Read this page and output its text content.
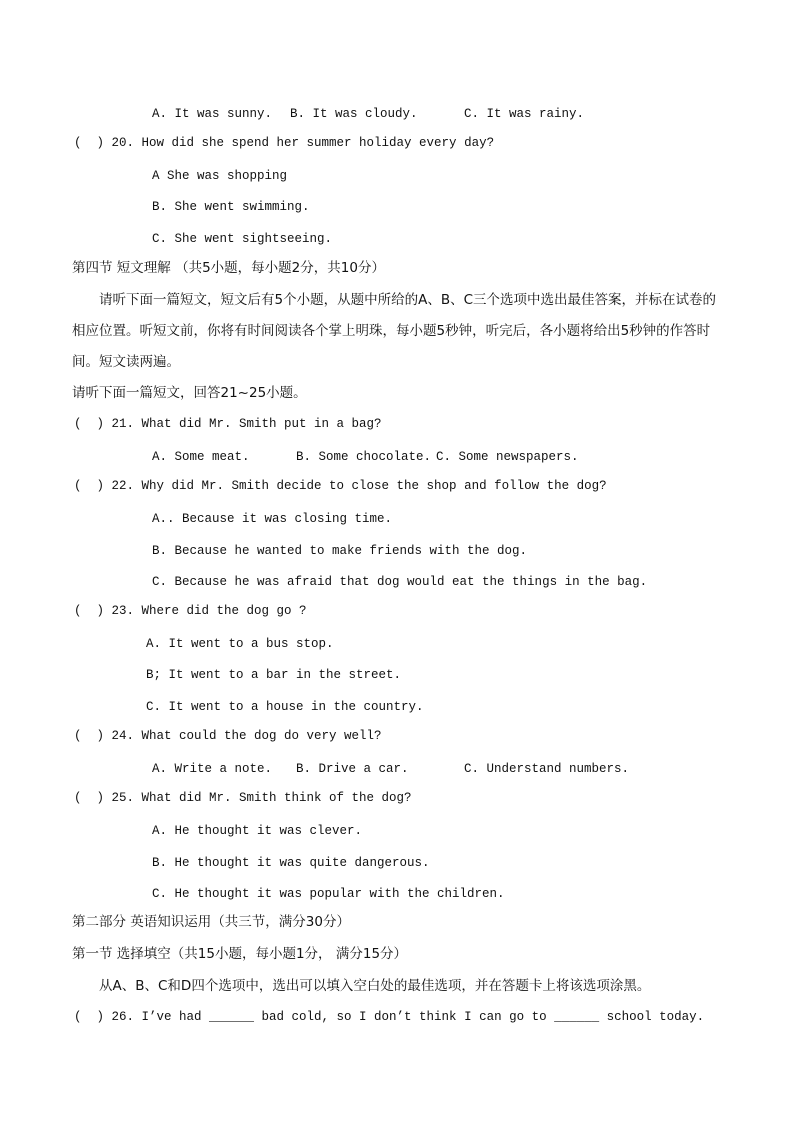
A. It was sunny. B. It was cloudy.	C. It was rainy.
(  ) 20. How did she spend her summer holiday every day?
A She was shopping
B. She went swimming.
C. She went sightseeing.
第四节 短文理解 （共5小题，每小题2分，共10分）
请听下面一篇短文，短文后有5个小题，从题中所给的A、B、C三个选项中选出最佳答案，并标在试卷的相应位置。听短文前，你将有时间阅读各个掌上明珠，每小题5秒钟，听完后，各小题将给出5秒钟的作答时间。短文读两遍。
请听下面一篇短文，回答21~25小题。
(  ) 21. What did Mr. Smith put in a bag?
A. Some meat.	B. Some chocolate. C. Some newspapers.
(  ) 22. Why did Mr. Smith decide to close the shop and follow the dog?
A.. Because it was closing time.
B. Because he wanted to make friends with the dog.
C. Because he was afraid that dog would eat the things in the bag.
(  ) 23. Where did the dog go ?
A. It went to a bus stop.
B; It went to a bar in the street.
C. It went to a house in the country.
(  ) 24. What could the dog do very well?
A. Write a note. B. Drive a car.	C. Understand numbers.
(  ) 25. What did Mr. Smith think of the dog?
A. He thought it was clever.
B. He thought it was quite dangerous.
C. He thought it was popular with the children.
第二部分 英语知识运用（共三节，满分30分）
第一节 选择填空（共15小题，每小题1分， 满分15分）
从A、B、C和D四个选项中，选出可以填入空白处的最佳选项，并在答题卡上将该选项涂黑。
(  ) 26. I’ve had ______ bad cold, so I don’t think I can go to ______ school today.
